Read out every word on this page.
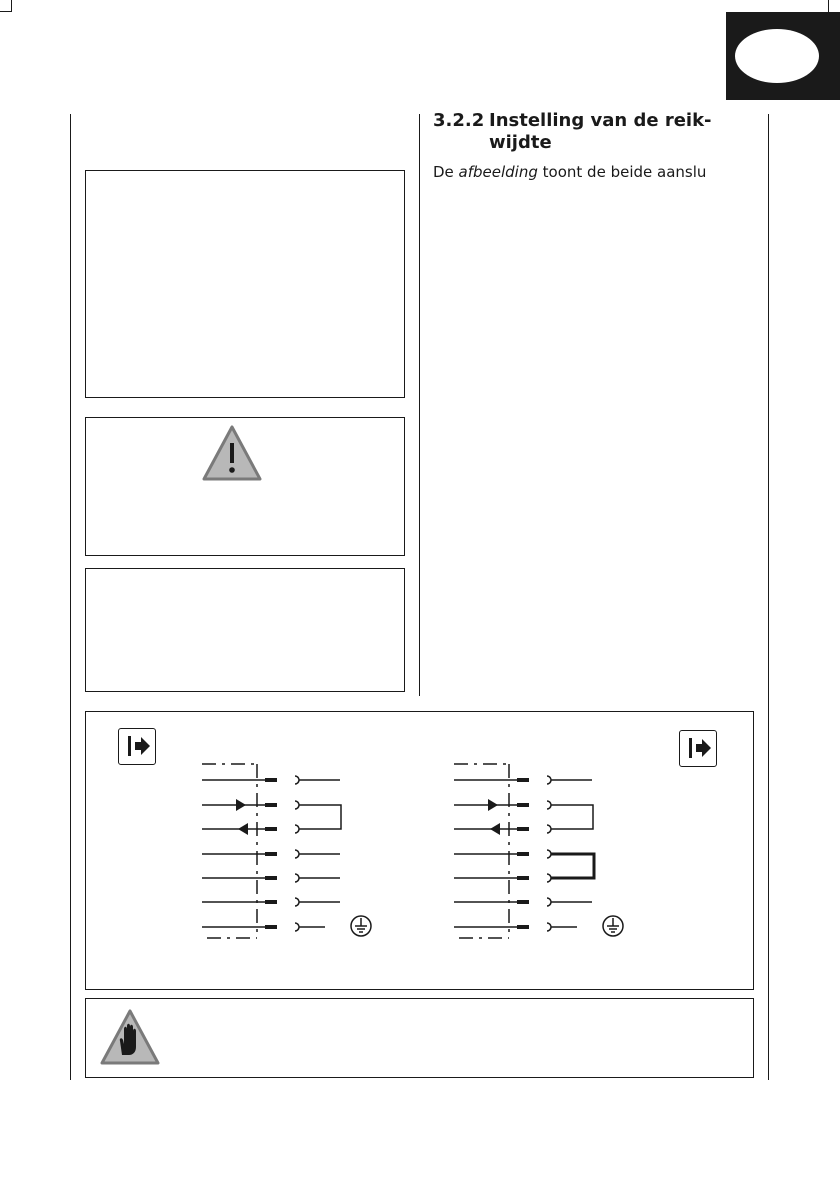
3.2.2 Instelling van de reik-
wijdte
De afbeelding toont de beide aanslu
